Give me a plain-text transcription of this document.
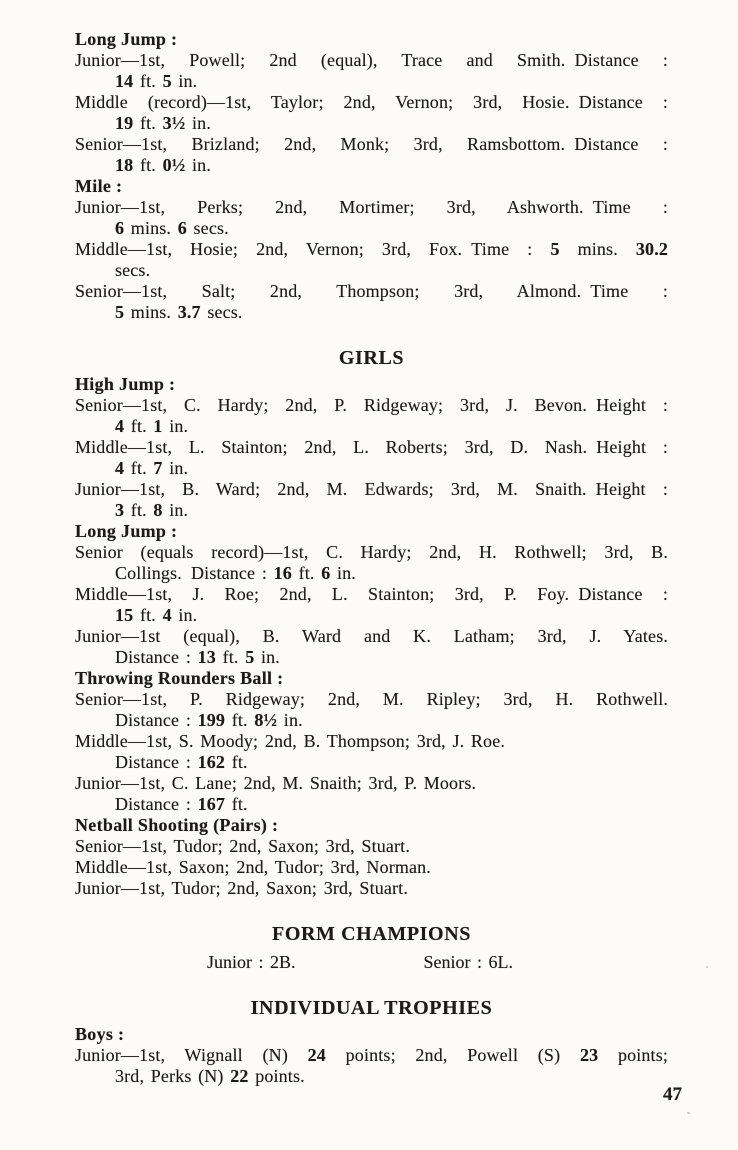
Long Jump :
Junior—1st, Powell; 2nd (equal), Trace and Smith. Distance :
14 ft. 5 in.
Middle (record)—1st, Taylor; 2nd, Vernon; 3rd, Hosie. Distance :
19 ft. 3½ in.
Senior—1st, Brizland; 2nd, Monk; 3rd, Ramsbottom. Distance :
18 ft. 0½ in.
Mile :
Junior—1st, Perks; 2nd, Mortimer; 3rd, Ashworth. Time :
6 mins. 6 secs.
Middle—1st, Hosie; 2nd, Vernon; 3rd, Fox. Time : 5 mins. 30.2
secs.
Senior—1st, Salt; 2nd, Thompson; 3rd, Almond. Time :
5 mins. 3.7 secs.
GIRLS
High Jump :
Senior—1st, C. Hardy; 2nd, P. Ridgeway; 3rd, J. Bevon. Height :
4 ft. 1 in.
Middle—1st, L. Stainton; 2nd, L. Roberts; 3rd, D. Nash. Height :
4 ft. 7 in.
Junior—1st, B. Ward; 2nd, M. Edwards; 3rd, M. Snaith. Height :
3 ft. 8 in.
Long Jump :
Senior (equals record)—1st, C. Hardy; 2nd, H. Rothwell; 3rd, B.
Collings. Distance : 16 ft. 6 in.
Middle—1st, J. Roe; 2nd, L. Stainton; 3rd, P. Foy. Distance :
15 ft. 4 in.
Junior—1st (equal), B. Ward and K. Latham; 3rd, J. Yates.
Distance : 13 ft. 5 in.
Throwing Rounders Ball :
Senior—1st, P. Ridgeway; 2nd, M. Ripley; 3rd, H. Rothwell.
Distance : 199 ft. 8½ in.
Middle—1st, S. Moody; 2nd, B. Thompson; 3rd, J. Roe.
Distance : 162 ft.
Junior—1st, C. Lane; 2nd, M. Snaith; 3rd, P. Moors.
Distance : 167 ft.
Netball Shooting (Pairs) :
Senior—1st, Tudor; 2nd, Saxon; 3rd, Stuart.
Middle—1st, Saxon; 2nd, Tudor; 3rd, Norman.
Junior—1st, Tudor; 2nd, Saxon; 3rd, Stuart.
FORM CHAMPIONS
Junior : 2B.	Senior : 6L.
INDIVIDUAL TROPHIES
Boys :
Junior—1st, Wignall (N) 24 points; 2nd, Powell (S) 23 points;
3rd, Perks (N) 22 points.
47
